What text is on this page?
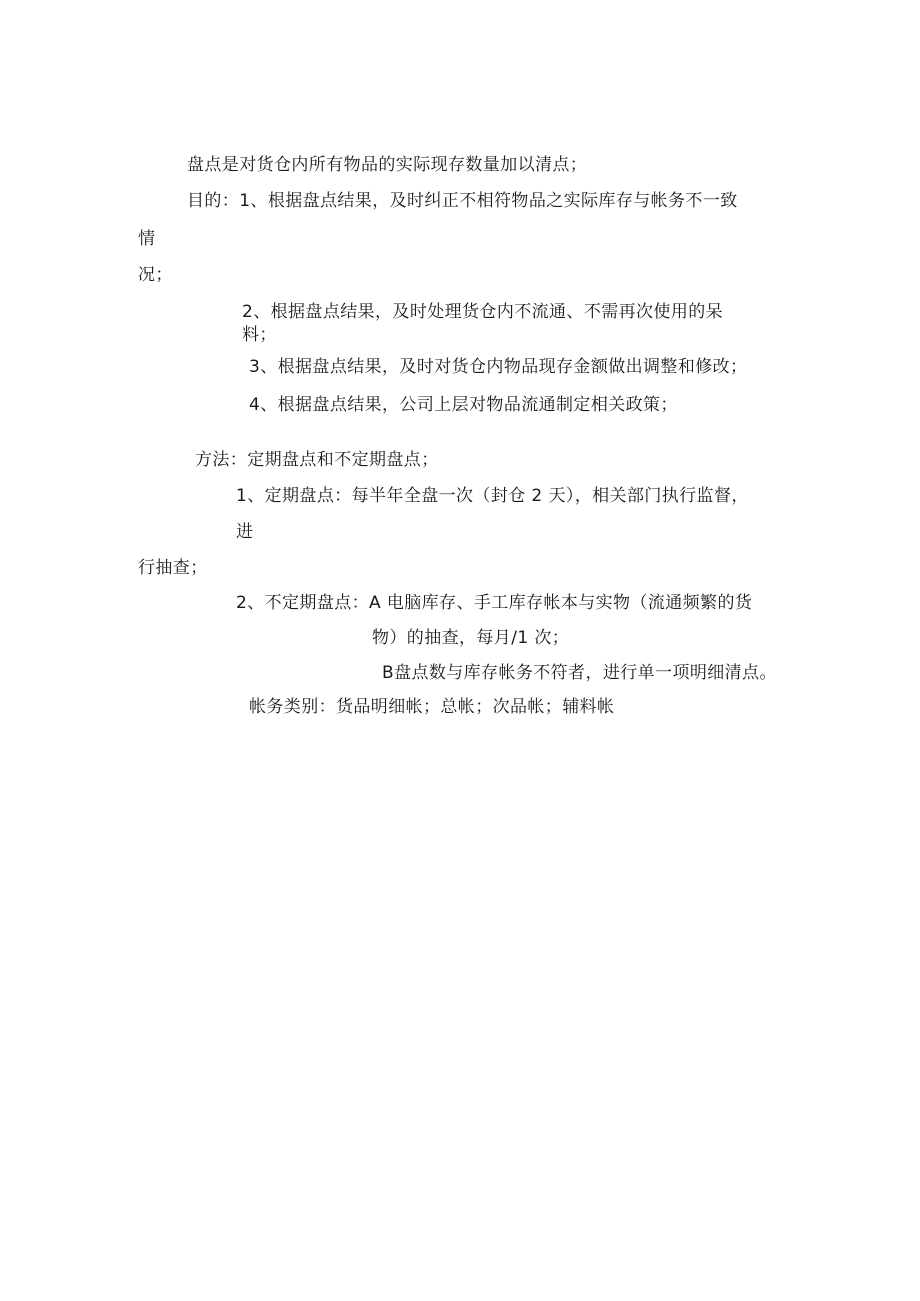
盘点是对货仓内所有物品的实际现存数量加以清点；
目的：1、根据盘点结果，及时纠正不相符物品之实际库存与帐务不一致
情
况；
2、根据盘点结果，及时处理货仓内不流通、不需再次使用的呆
料；
3、根据盘点结果，及时对货仓内物品现存金额做出调整和修改；
4、根据盘点结果，公司上层对物品流通制定相关政策；
方法：定期盘点和不定期盘点；
1、定期盘点：每半年全盘一次（封仓 2 天），相关部门执行监督，
进
行抽查；
2、不定期盘点：A 电脑库存、手工库存帐本与实物（流通频繁的货
物）的抽查，每月/1 次；
B盘点数与库存帐务不符者，进行单一项明细清点。
帐务类别：货品明细帐；总帐；次品帐；辅料帐
